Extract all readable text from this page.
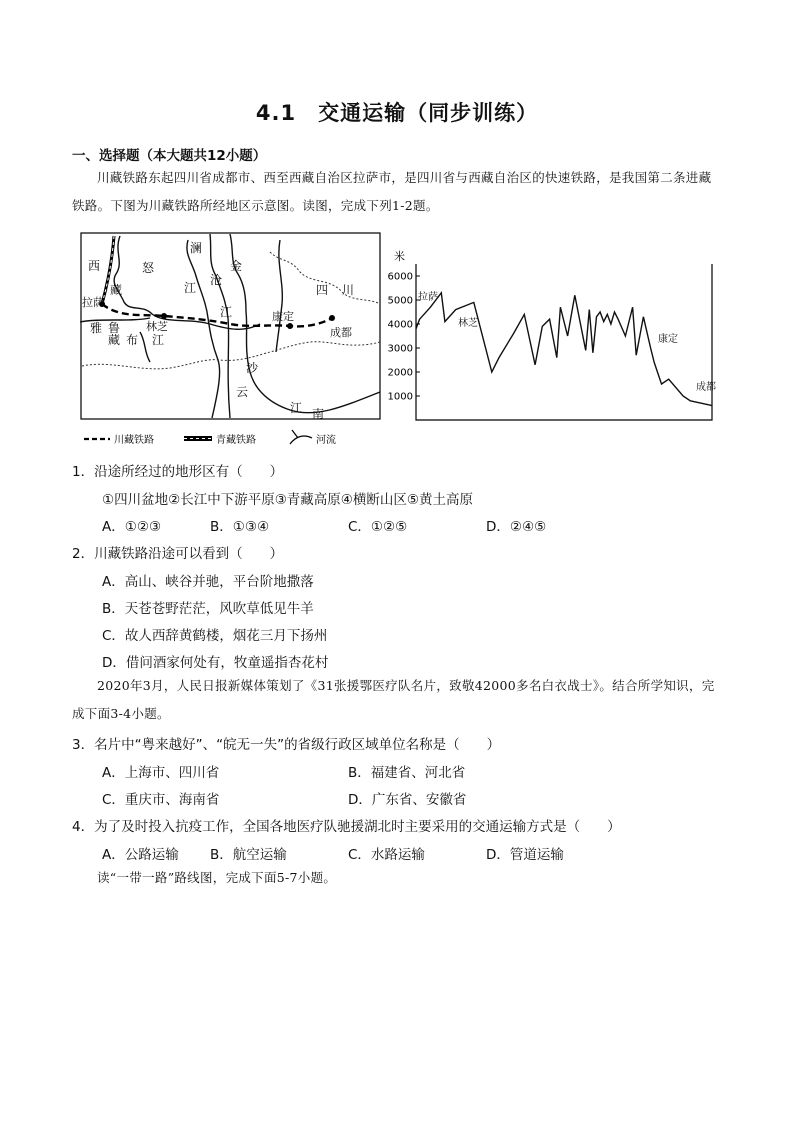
4.1　交通运输（同步训练）
一、选择题（本大题共12小题）
川藏铁路东起四川省成都市、西至西藏自治区拉萨市，是四川省与西藏自治区的快速铁路，是我国第二条进藏铁路。下图为川藏铁路所经地区示意图。读图，完成下列1-2题。
西	怒
澜
沧
金
江
江
藏	四 川
拉萨
雅 鲁
藏 布
林芝
江
康定
成都
沙
云
江 南
川藏铁路	青藏铁路	河流
米
1000
2000
3000
4000
5000
6000
拉萨
林芝
康定
成都
1．沿途所经过的地形区有（　　）
①四川盆地②长江中下游平原③青藏高原④横断山区⑤黄土高原
A．①②③	B．①③④	C．①②⑤	D．②④⑤
2．川藏铁路沿途可以看到（　　）
A．高山、峡谷并驰，平台阶地撒落
B．天苍苍野茫茫，风吹草低见牛羊
C．故人西辞黄鹤楼，烟花三月下扬州
D．借问酒家何处有，牧童遥指杏花村
2020年3月，人民日报新媒体策划了《31张援鄂医疗队名片，致敬42000多名白衣战士》。结合所学知识，完成下面3-4小题。
3．名片中“粤来越好”、“皖无一失”的省级行政区域单位名称是（　　）
A．上海市、四川省	B．福建省、河北省
C．重庆市、海南省	D．广东省、安徽省
4．为了及时投入抗疫工作，全国各地医疗队驰援湖北时主要采用的交通运输方式是（　　）
A．公路运输 B．航空运输	C．水路运输	D．管道运输
读“一带一路”路线图，完成下面5-7小题。
